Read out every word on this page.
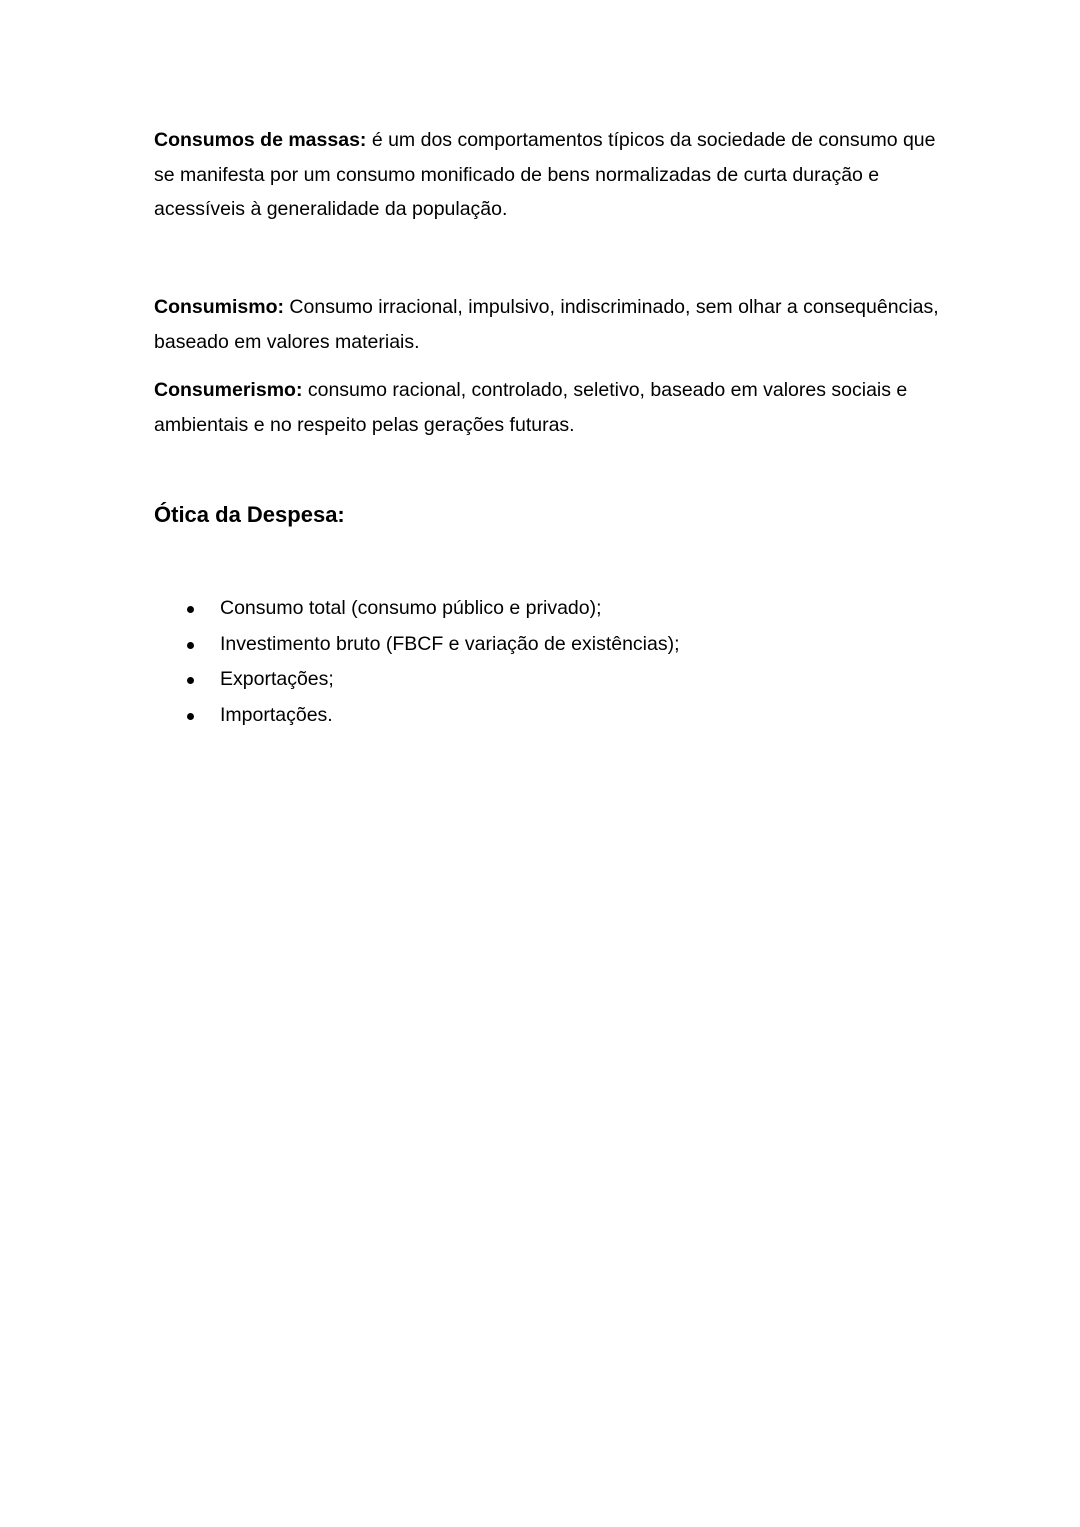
Consumos de massas: é um dos comportamentos típicos da sociedade de consumo que se manifesta por um consumo monificado de bens normalizadas de curta duração e acessíveis à generalidade da população.

Consumismo: Consumo irracional, impulsivo, indiscriminado, sem olhar a consequências, baseado em valores materiais.

Consumerismo: consumo racional, controlado, seletivo, baseado em valores sociais e ambientais e no respeito pelas gerações futuras.

Ótica da Despesa:
Consumo total (consumo público e privado);
Investimento bruto (FBCF e variação de existências);
Exportações;
Importações.
